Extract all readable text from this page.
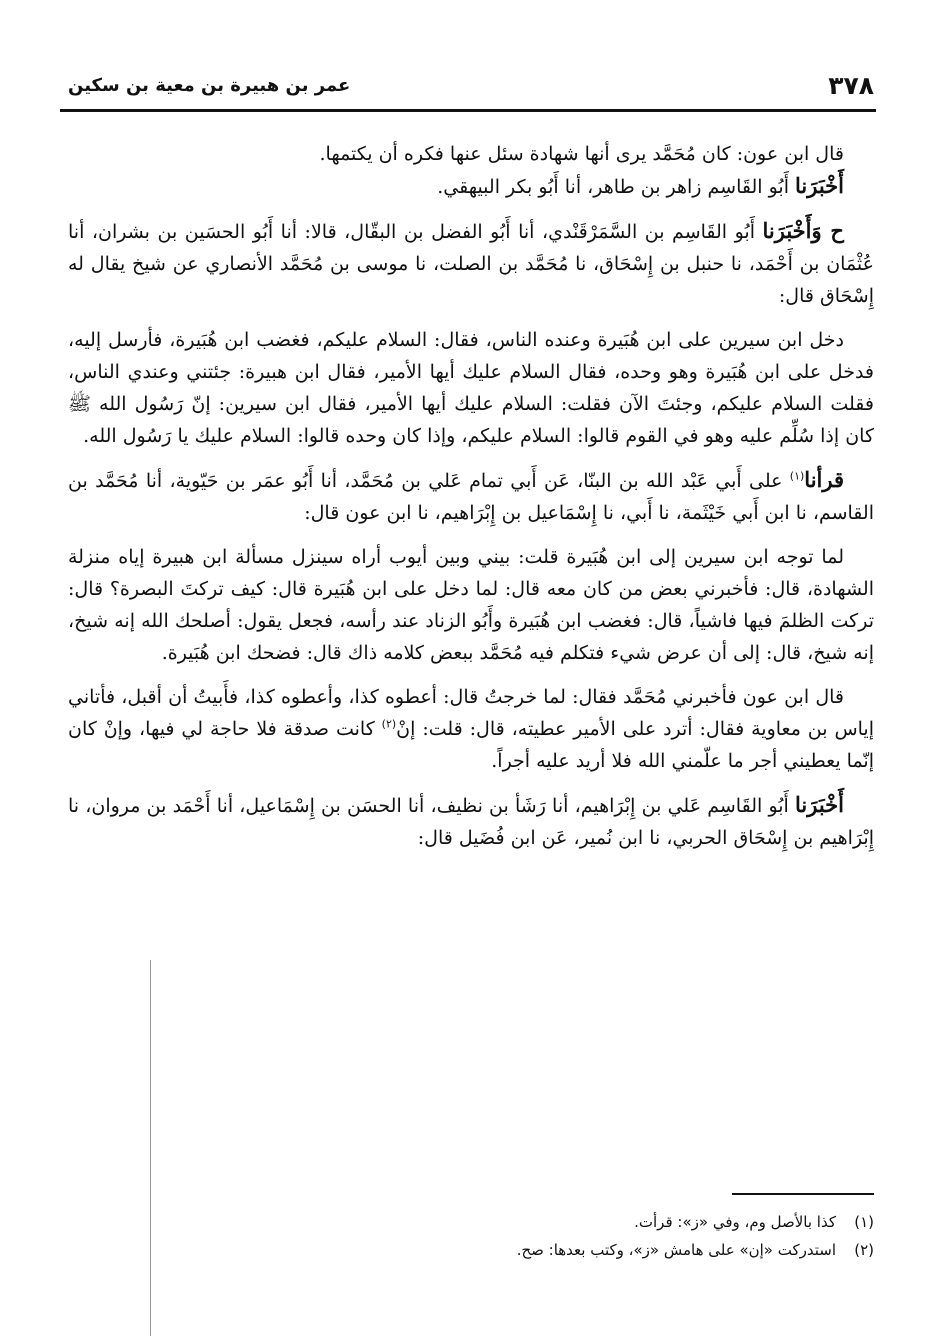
٣٧٨
عمر بن هبيرة بن معية بن سكين

قال ابن عون: كان مُحَمَّد يرى أنها شهادة سئل عنها فكره أن يكتمها.

أَخْبَرَنا أَبُو القَاسِم زاهر بن طاهر، أنا أَبُو بكر البيهقي.

ح وَأَخْبَرَنا أَبُو القَاسِم بن السَّمَرْقَنْدي، أنا أَبُو الفضل بن البقّال، قالا: أنا أَبُو الحسَين بن بشران، أنا عُثْمَان بن أَحْمَد، نا حنبل بن إِسْحَاق، نا مُحَمَّد بن الصلت، نا موسى بن مُحَمَّد الأنصاري عن شيخ يقال له إِسْحَاق قال:

دخل ابن سيرين على ابن هُبَيرة وعنده الناس، فقال: السلام عليكم، فغضب ابن هُبَيرة، فأرسل إليه، فدخل على ابن هُبَيرة وهو وحده، فقال السلام عليك أيها الأمير، فقال ابن هبيرة: جئتني وعندي الناس، فقلت السلام عليكم، وجئتَ الآن فقلت: السلام عليك أيها الأمير، فقال ابن سيرين: إنّ رَسُول الله ﷺ كان إذا سُلِّم عليه وهو في القوم قالوا: السلام عليكم، وإذا كان وحده قالوا: السلام عليك يا رَسُول الله.

قرأنا$^{(١)}$ على أَبي عَبْد الله بن البنّا، عَن أَبي تمام عَلي بن مُحَمَّد، أنا أَبُو عمَر بن حَيّوية، أنا مُحَمَّد بن القاسم، نا ابن أَبي خَيْثَمة، نا أَبي، نا إِسْمَاعيل بن إِبْرَاهيم، نا ابن عون قال:

لما توجه ابن سيرين إلى ابن هُبَيرة قلت: بيني وبين أيوب أراه سينزل مسألة ابن هبيرة إياه منزلة الشهادة، قال: فأخبرني بعض من كان معه قال: لما دخل على ابن هُبَيرة قال: كيف تركتَ البصرة؟ قال: تركت الظلمَ فيها فاشياً، قال: فغضب ابن هُبَيرة وأَبُو الزناد عند رأسه، فجعل يقول: أصلحك الله إنه شيخ، إنه شيخ، قال: إلى أن عرض شيء فتكلم فيه مُحَمَّد ببعض كلامه ذاك قال: فضحك ابن هُبَيرة.

قال ابن عون فأخبرني مُحَمَّد فقال: لما خرجتُ قال: أعطوه كذا، وأعطوه كذا، فأَبيتُ أن أقبل، فأتاني إياس بن معاوية فقال: أترد على الأمير عطيته، قال: قلت: إنْ$^{(٢)}$ كانت صدقة فلا حاجة لي فيها، وإنْ كان إنّما يعطيني أجر ما علّمني الله فلا أريد عليه أجراً.

أَخْبَرَنا أَبُو القَاسِم عَلي بن إِبْرَاهيم، أنا رَشَأ بن نظيف، أنا الحسَن بن إِسْمَاعيل، أنا أَحْمَد بن مروان، نا إِبْرَاهيم بن إِسْحَاق الحربي، نا ابن نُمير، عَن ابن فُضَيل قال:

(١)
كذا بالأصل وم، وفي «ز»: قرأت.
(٢)
استدركت «إن» على هامش «ز»، وكتب بعدها: صح.
